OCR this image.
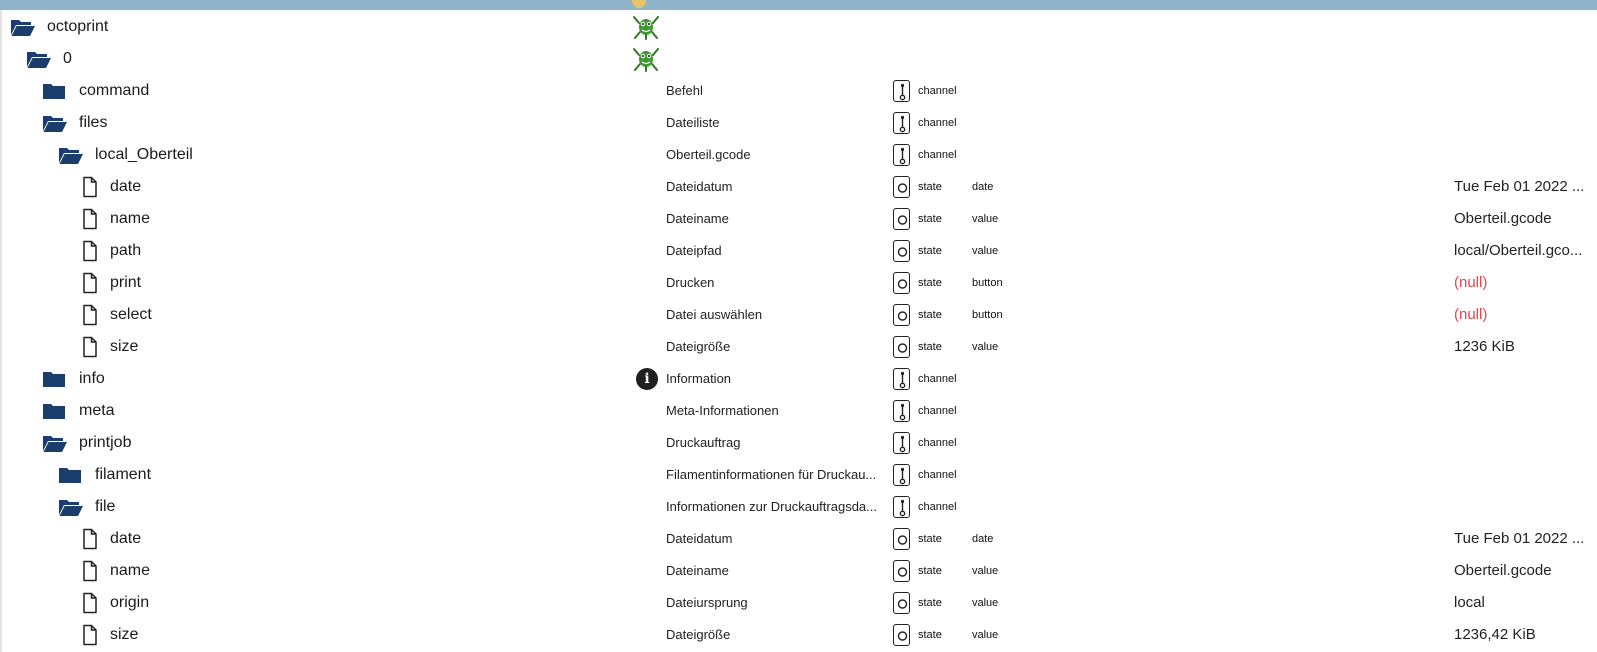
octoprint
0
command	Befehl	channel
files	Dateiliste	channel
local_Oberteil	Oberteil.gcode	channel
date	Dateidatum	state	date	Tue Feb 01 2022 ...
name	Dateiname	state	value	Oberteil.gcode
path	Dateipfad	state	value	local/Oberteil.gco...
print	Drucken	state	button	(null)
select	Datei auswählen	state	button	(null)
size	Dateigröße	state	value	1236 KiB
info	i	Information	channel
meta	Meta-Informationen	channel
printjob	Druckauftrag	channel
filament	Filamentinformationen für Druckau...	channel
file	Informationen zur Druckauftragsda...	channel
date	Dateidatum	state	date	Tue Feb 01 2022 ...
name	Dateiname	state	value	Oberteil.gcode
origin	Dateiursprung	state	value	local
size	Dateigröße	state	value	1236,42 KiB
